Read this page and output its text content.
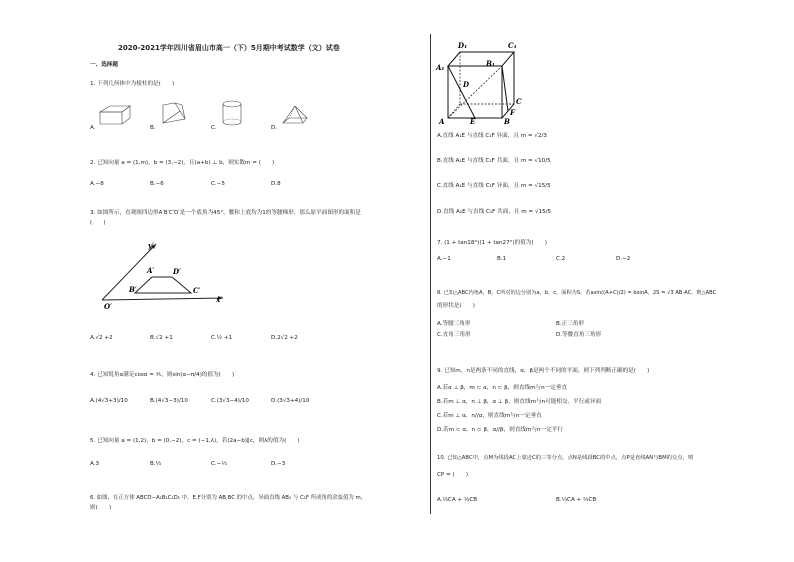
2020-2021学年四川省眉山市高一（下）5月期中考试数学（文）试卷
一、选择题
1. 下列几何体中为棱柱的是(　　)
A.	B.	C.	D.
2. 已知向量 a = (1,m)，b = (3,−2)，且(a+b) ⊥ b，则实数m = (　　)
A.−8	B.−6	C.−5	D.8
3. 如图所示，直观图四边形A′B′C′D′是一个底角为45°，腰和上底均为1的等腰梯形，那么原平面图形的面积是
(　　)
y′
x′
O′
A′
B′	C′
D′
A.√2 +2	B.√2 +1	C.½ +1	D.2√2 +2
4. 已知锐角α满足cosα = ⅗，则sin(α−π/4)的值为(　　)
A.(4√3+3)/10	B.(4√3−3)/10	C.(3√3−4)/10	D.(3√3+4)/10
5. 已知向量 a = (1,2)，b = (0,−2)，c = (−1,λ)，若(2a−b)∥c，则λ的值为(　　)
A.3	B.⅓	C.−⅓	D.−3
6. 如图，在正方体 ABCD−A₁B₁C₁D₁ 中，E,F分别为 AB,BC 的中点，异面直线 AB₁ 与 C₁F 所成角的余弦值为 m，
则(　　)
D₁	C₁
A₁	B₁
D
C
A	B
E
F
A.直线 A₁E 与直线 C₁F 异面，且 m = √2/3
B.直线 A₁E 与直线 C₁F 共面，且 m = √10/5
C.直线 A₁E 与直线 C₁F 异面，且 m = √15/5
D.直线 A₁E 与直线 C₁F 共面，且 m = √15/5
7. (1 + tan18°)(1 + tan27°)的值为(　　)
A.−1	B.1	C.2	D.−2
8. 已知△ABC内角A，B，C所对的边分别为a，b，c，面积为S，若asin((A+C)/2) = bsinA，2S = √3 AB·AC，则△ABC
的形状是(　　)
A.等腰三角形	B.正三角形
C.直角三角形	D.等腰直角三角形
9. 已知m，n是两条不同的直线，α，β是两个不同的平面，则下列判断正确的是(　　)
A.若α ⊥ β，m ⊂ α，n ⊂ β，则直线m与n一定垂直
B.若m ⊥ α，n ⊥ β，α ⊥ β，则直线m与n可能相交、平行或异面
C.若m ⊥ α，n//α，则直线m与n一定垂直
D.若m ⊂ α，n ⊂ β，α//β，则直线m与n一定平行
10. 已知△ABC中，点M为线段AC上靠近C的三等分点，点N是线段BC的中点，点P是直线AN与BM的交点，则
CP = (　　)
A.⅔CA + ⅓CB	B.⅓CA + ⅔CB
